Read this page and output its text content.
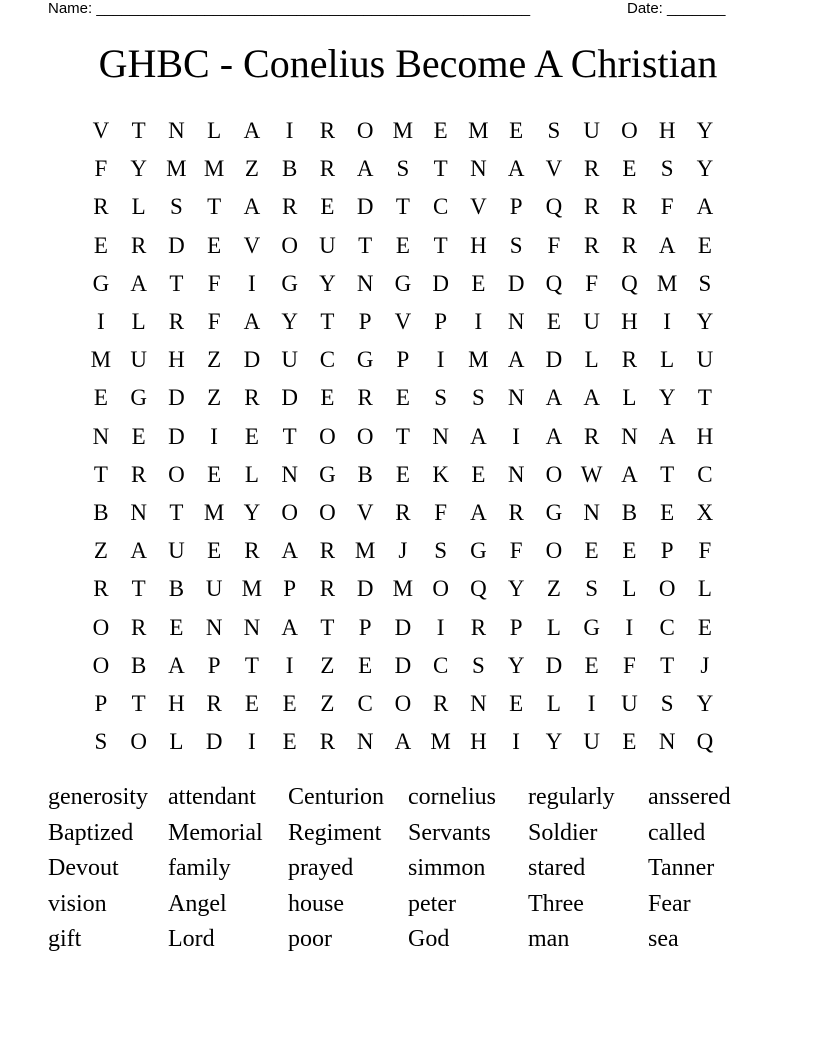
Name: ____________________________________________________	Date: _______
GHBC - Conelius Become A Christian
V T N L A	I	R O M E M E	S	U O H Y
F	Y M M Z	B R A	S	T N A V R	E	S	Y
R	L	S	T A R	E D T	C V	P	Q R R	F	A
E	R D E V O U T	E	T H	S	F	R R A E
G A T	F	I	G Y N G D E D Q	F	Q M S
I	L	R	F	A Y T	P	V	P	I	N E U H	I	Y
M U H Z D U C G	P	I	M A D L	R	L U
E G D Z	R D E	R	E	S	S	N A A L Y T
N E D	I	E	T O O T N A	I	A R N A H
T	R O E	L N G B	E K E N O W A T	C
B N T M Y O O V R	F	A R G N B	E X
Z A U E	R A R M	J	S	G	F	O E	E	P	F
R	T	B U M P	R D M O Q Y Z	S	L O L
O R	E N N A T	P	D	I	R	P	L G	I	C	E
O B A	P	T	I	Z	E D C	S	Y D E	F	T	J
P	T H R	E	E	Z	C O R N E	L	I	U	S	Y
S	O L D	I	E	R N A M H	I	Y U E N Q
generosity attendant	Centurion	cornelius	regularly	anssered
Baptized	Memorial	Regiment	Servants	Soldier	called
Devout	family	prayed	simmon	stared	Tanner
vision	Angel	house	peter	Three	Fear
gift	Lord	poor	God	man	sea
